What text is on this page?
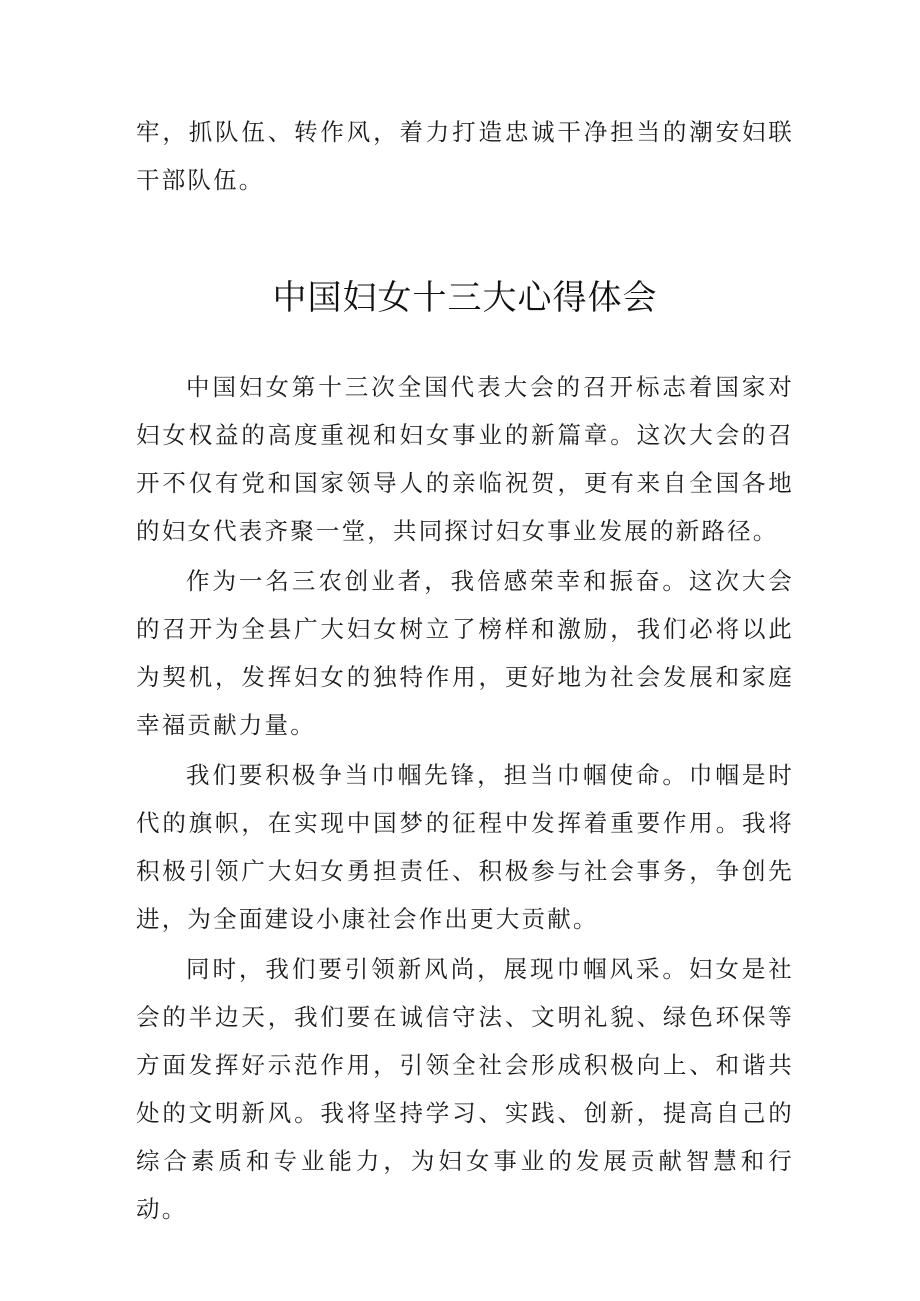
牢，抓队伍、转作风，着力打造忠诚干净担当的潮安妇联干部队伍。

中国妇女十三大心得体会

中国妇女第十三次全国代表大会的召开标志着国家对妇女权益的高度重视和妇女事业的新篇章。这次大会的召开不仅有党和国家领导人的亲临祝贺，更有来自全国各地的妇女代表齐聚一堂，共同探讨妇女事业发展的新路径。

作为一名三农创业者，我倍感荣幸和振奋。这次大会的召开为全县广大妇女树立了榜样和激励，我们必将以此为契机，发挥妇女的独特作用，更好地为社会发展和家庭幸福贡献力量。

我们要积极争当巾帼先锋，担当巾帼使命。巾帼是时代的旗帜，在实现中国梦的征程中发挥着重要作用。我将积极引领广大妇女勇担责任、积极参与社会事务，争创先进，为全面建设小康社会作出更大贡献。

同时，我们要引领新风尚，展现巾帼风采。妇女是社会的半边天，我们要在诚信守法、文明礼貌、绿色环保等方面发挥好示范作用，引领全社会形成积极向上、和谐共处的文明新风。我将坚持学习、实践、创新，提高自己的综合素质和专业能力，为妇女事业的发展贡献智慧和行动。
